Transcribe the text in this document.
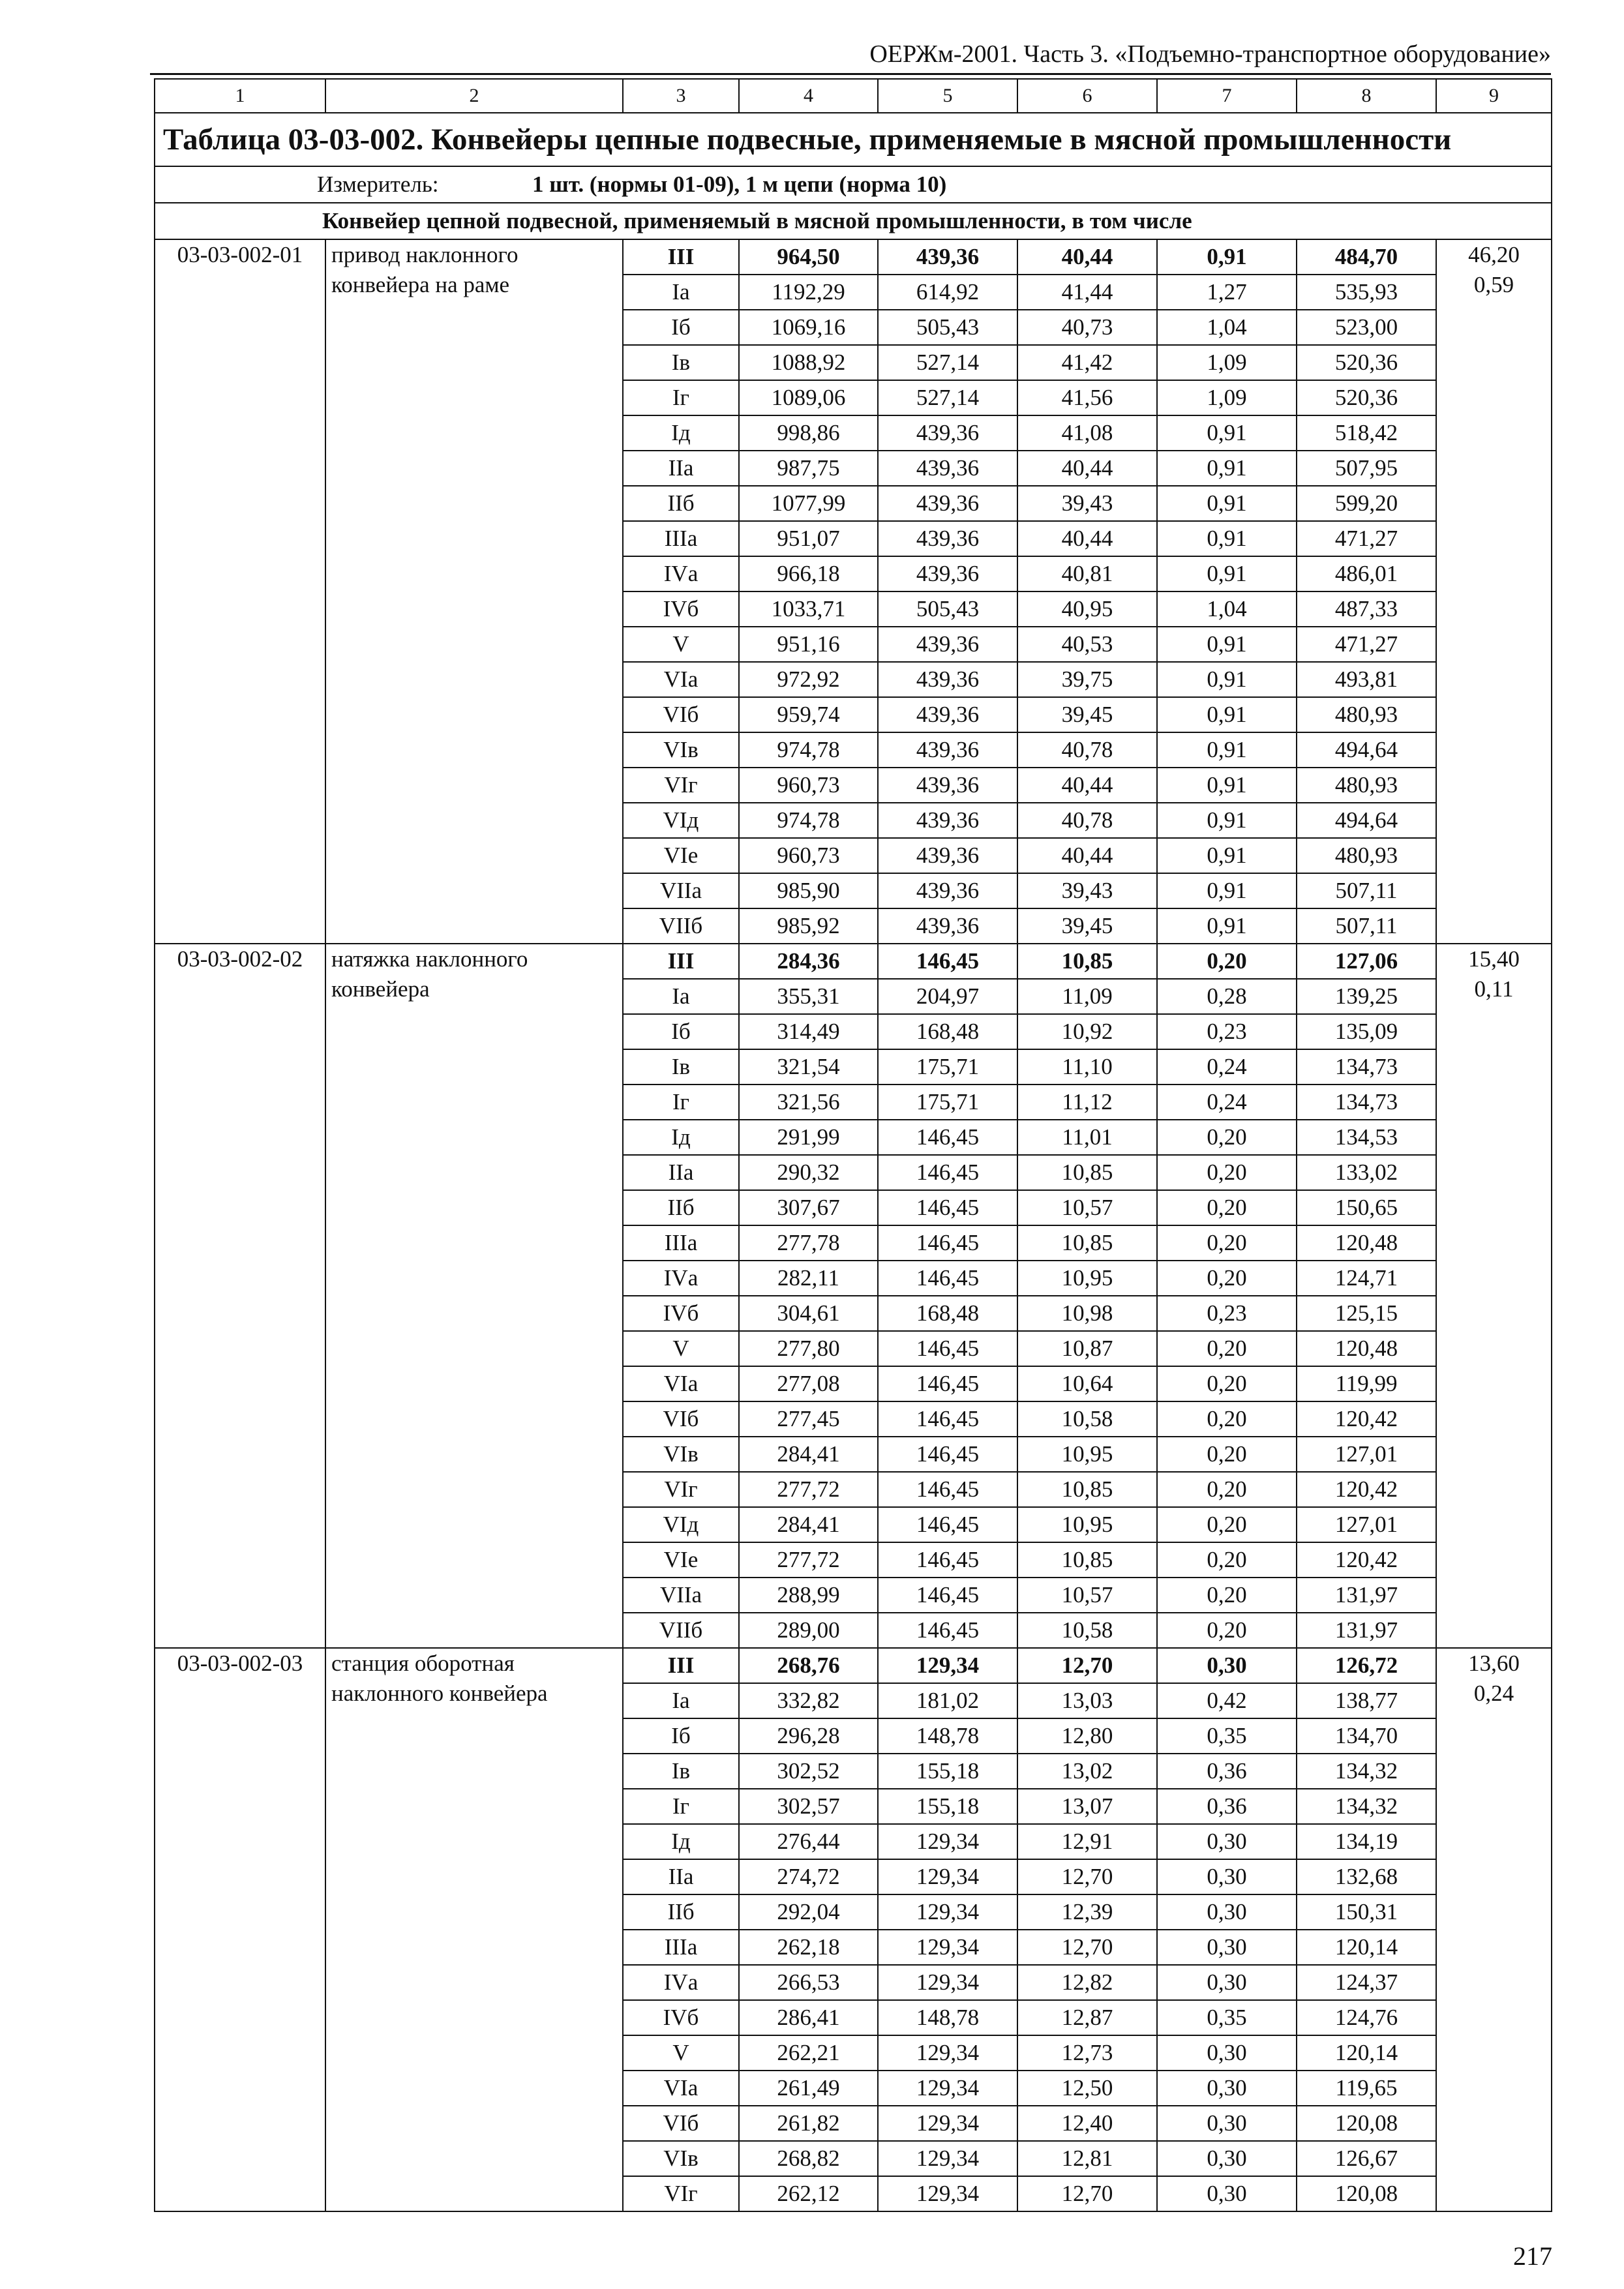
ОЕРЖм-2001. Часть 3. «Подъемно-транспортное оборудование»
1	2	3	4	5	6	7	8	9
Таблица 03-03-002. Конвейеры цепные подвесные, применяемые в мясной промышленности								
Измеритель: 1 шт. (нормы 01-09), 1 м цепи (норма 10)								
Конвейер цепной подвесной, применяемый в мясной промышленности, в том числе								
03-03-002-01	привод наклонного конвейера на раме	III	964,50	439,36	40,44	0,91	484,70	46,20
0,59

		Iа	1192,29	614,92	41,44	1,27	535,93	
		Iб	1069,16	505,43	40,73	1,04	523,00	
		Iв	1088,92	527,14	41,42	1,09	520,36	
		Iг	1089,06	527,14	41,56	1,09	520,36	
		Iд	998,86	439,36	41,08	0,91	518,42	
		IIа	987,75	439,36	40,44	0,91	507,95	
		IIб	1077,99	439,36	39,43	0,91	599,20	
		IIIа	951,07	439,36	40,44	0,91	471,27	
		IVа	966,18	439,36	40,81	0,91	486,01	
		IVб	1033,71	505,43	40,95	1,04	487,33	
		V	951,16	439,36	40,53	0,91	471,27	
		VIа	972,92	439,36	39,75	0,91	493,81	
		VIб	959,74	439,36	39,45	0,91	480,93	
		VIв	974,78	439,36	40,78	0,91	494,64	
		VIг	960,73	439,36	40,44	0,91	480,93	
		VIд	974,78	439,36	40,78	0,91	494,64	
		VIе	960,73	439,36	40,44	0,91	480,93	
		VIIа	985,90	439,36	39,43	0,91	507,11	
		VIIб	985,92	439,36	39,45	0,91	507,11	
03-03-002-02	натяжка наклонного конвейера	III	284,36	146,45	10,85	0,20	127,06	15,40
0,11

		Iа	355,31	204,97	11,09	0,28	139,25	
		Iб	314,49	168,48	10,92	0,23	135,09	
		Iв	321,54	175,71	11,10	0,24	134,73	
		Iг	321,56	175,71	11,12	0,24	134,73	
		Iд	291,99	146,45	11,01	0,20	134,53	
		IIа	290,32	146,45	10,85	0,20	133,02	
		IIб	307,67	146,45	10,57	0,20	150,65	
		IIIа	277,78	146,45	10,85	0,20	120,48	
		IVа	282,11	146,45	10,95	0,20	124,71	
		IVб	304,61	168,48	10,98	0,23	125,15	
		V	277,80	146,45	10,87	0,20	120,48	
		VIа	277,08	146,45	10,64	0,20	119,99	
		VIб	277,45	146,45	10,58	0,20	120,42	
		VIв	284,41	146,45	10,95	0,20	127,01	
		VIг	277,72	146,45	10,85	0,20	120,42	
		VIд	284,41	146,45	10,95	0,20	127,01	
		VIе	277,72	146,45	10,85	0,20	120,42	
		VIIа	288,99	146,45	10,57	0,20	131,97	
		VIIб	289,00	146,45	10,58	0,20	131,97	
03-03-002-03	станция оборотная наклонного конвейера	III	268,76	129,34	12,70	0,30	126,72	13,60
0,24

		Iа	332,82	181,02	13,03	0,42	138,77	
		Iб	296,28	148,78	12,80	0,35	134,70	
		Iв	302,52	155,18	13,02	0,36	134,32	
		Iг	302,57	155,18	13,07	0,36	134,32	
		Iд	276,44	129,34	12,91	0,30	134,19	
		IIа	274,72	129,34	12,70	0,30	132,68	
		IIб	292,04	129,34	12,39	0,30	150,31	
		IIIа	262,18	129,34	12,70	0,30	120,14	
		IVа	266,53	129,34	12,82	0,30	124,37	
		IVб	286,41	148,78	12,87	0,35	124,76	
		V	262,21	129,34	12,73	0,30	120,14	
		VIа	261,49	129,34	12,50	0,30	119,65	
		VIб	261,82	129,34	12,40	0,30	120,08	
		VIв	268,82	129,34	12,81	0,30	126,67	
		VIг	262,12	129,34	12,70	0,30	120,08	
217
